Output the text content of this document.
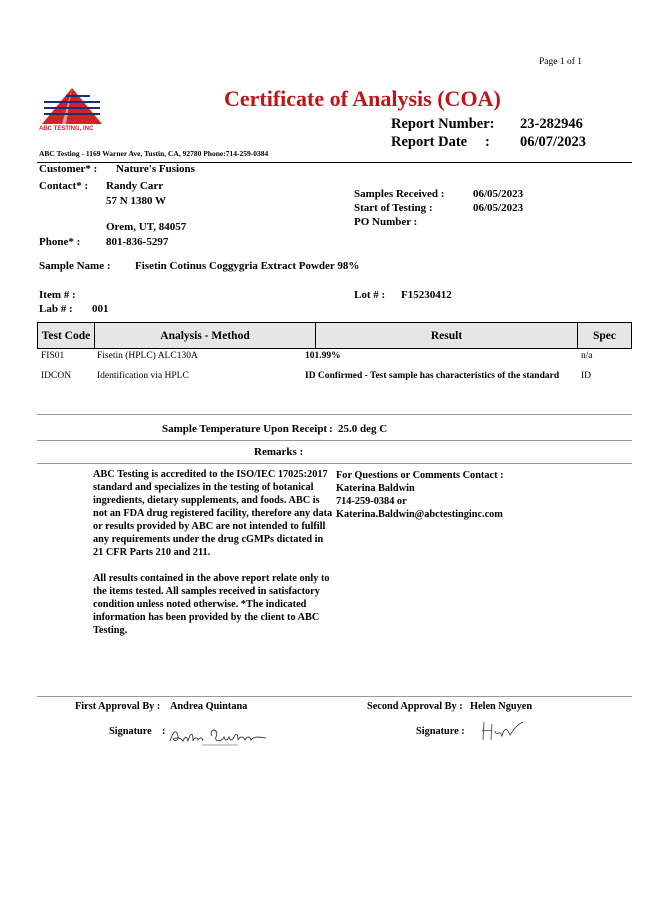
Page 1 of 1
ABC TESTING, INC
Certificate of Analysis (COA)
Report Number: 23-282946
Report Date : 06/07/2023
ABC Testing - 1169 Warner Ave, Tustin, CA, 92780 Phone:714-259-0384
Customer* : Nature's Fusions
Contact* : Randy Carr
57 N 1380 W
Orem, UT, 84057
Phone* : 801-836-5297
Samples Received :	06/05/2023
Start of Testing :	06/05/2023
PO Number :
Sample Name : Fisetin Cotinus Coggygria Extract Powder 98%
Item # :	Lot # : F15230412
Lab # : 001
Test Code	Analysis - Method	Result	Spec
FIS01	Fisetin (HPLC) ALC130A	101.99%	n/a
IDCON	Identification via HPLC	ID Confirmed - Test sample has characteristics of the standard	ID
Sample Temperature Upon Receipt : 25.0 deg C
Remarks :
ABC Testing is accredited to the ISO/IEC 17025:2017 standard and specializes in the testing of botanical ingredients, dietary supplements, and foods. ABC is not an FDA drug registered facility, therefore any data or results provided by ABC are not intended to fulfill any requirements under the drug cGMPs dictated in 21 CFR Parts 210 and 211.
All results contained in the above report relate only to the items tested. All samples received in satisfactory condition unless noted otherwise. *The indicated information has been provided by the client to ABC Testing.
For Questions or Comments Contact :
Katerina Baldwin
714-259-0384 or
Katerina.Baldwin@abctestinginc.com
First Approval By : Andrea Quintana	Second Approval By : Helen Nguyen
Signature :	Signature :
